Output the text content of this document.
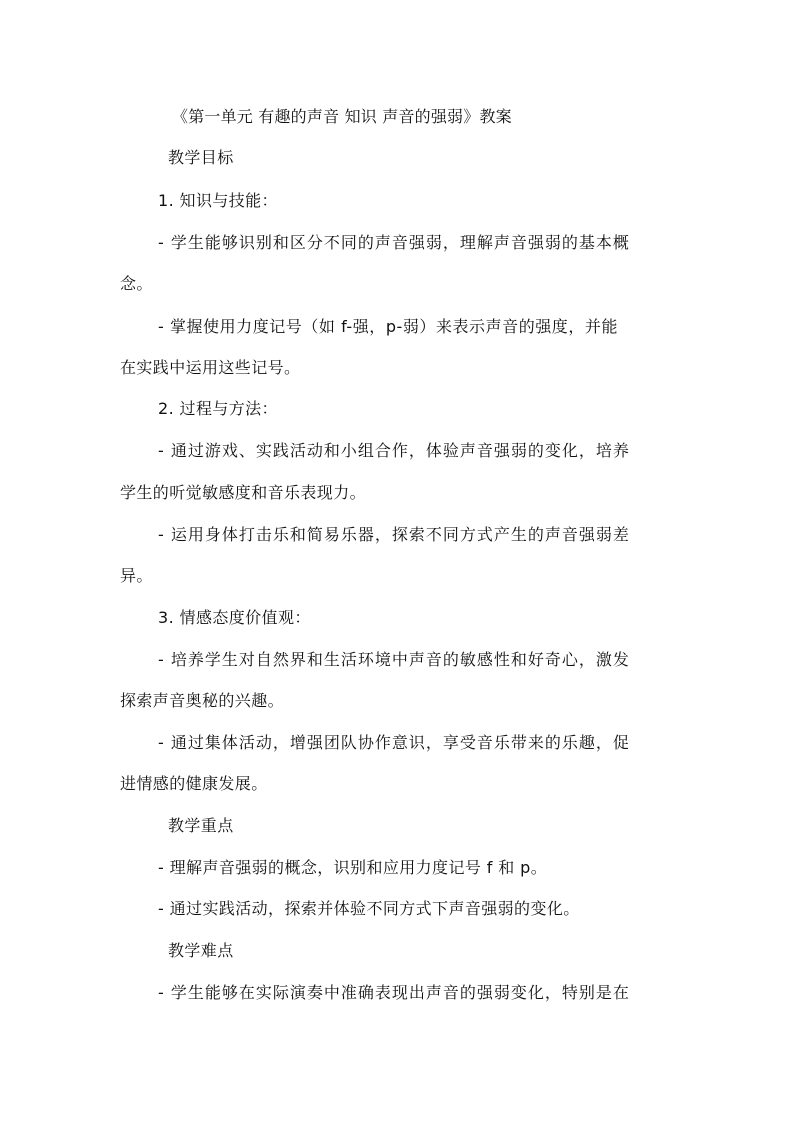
《第一单元 有趣的声音 知识 声音的强弱》教案
教学目标
1. 知识与技能：
- 学生能够识别和区分不同的声音强弱，理解声音强弱的基本概
念。
- 掌握使用力度记号（如 f-强，p-弱）来表示声音的强度，并能
在实践中运用这些记号。
2. 过程与方法：
- 通过游戏、实践活动和小组合作，体验声音强弱的变化，培养
学生的听觉敏感度和音乐表现力。
- 运用身体打击乐和简易乐器，探索不同方式产生的声音强弱差
异。
3. 情感态度价值观：
- 培养学生对自然界和生活环境中声音的敏感性和好奇心，激发
探索声音奥秘的兴趣。
- 通过集体活动，增强团队协作意识，享受音乐带来的乐趣，促
进情感的健康发展。
教学重点
- 理解声音强弱的概念，识别和应用力度记号 f 和 p。
- 通过实践活动，探索并体验不同方式下声音强弱的变化。
教学难点
- 学生能够在实际演奏中准确表现出声音的强弱变化，特别是在
